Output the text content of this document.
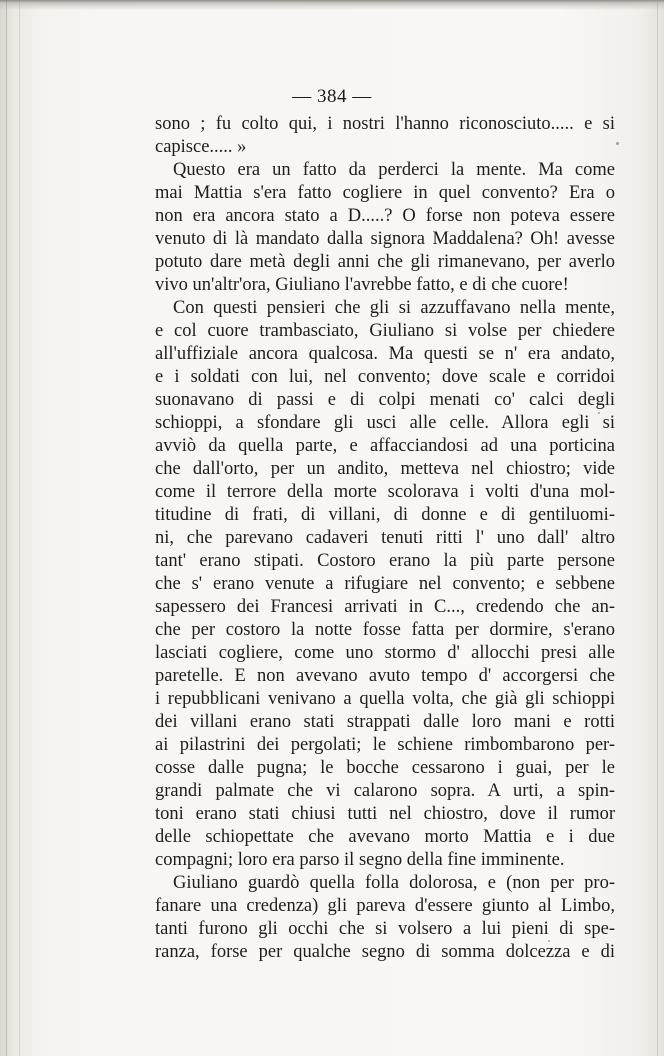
— 384 —
sono ; fu colto qui, i nostri l'hanno riconosciuto..... e si
capisce..... »
Questo era un fatto da perderci la mente. Ma come
mai Mattia s'era fatto cogliere in quel convento? Era o
non era ancora stato a D.....? O forse non poteva essere
venuto di là mandato dalla signora Maddalena? Oh! avesse
potuto dare metà degli anni che gli rimanevano, per averlo
vivo un'altr'ora, Giuliano l'avrebbe fatto, e di che cuore!
Con questi pensieri che gli si azzuffavano nella mente,
e col cuore trambasciato, Giuliano si volse per chiedere
all'uffiziale ancora qualcosa. Ma questi se n' era andato,
e i soldati con lui, nel convento; dove scale e corridoi
suonavano di passi e di colpi menati co' calci degli
schioppi, a sfondare gli usci alle celle. Allora egli si
avviò da quella parte, e affacciandosi ad una porticina
che dall'orto, per un andito, metteva nel chiostro; vide
come il terrore della morte scolorava i volti d'una mol-
titudine di frati, di villani, di donne e di gentiluomi-
ni, che parevano cadaveri tenuti ritti l' uno dall' altro
tant' erano stipati. Costoro erano la più parte persone
che s' erano venute a rifugiare nel convento; e sebbene
sapessero dei Francesi arrivati in C..., credendo che an-
che per costoro la notte fosse fatta per dormire, s'erano
lasciati cogliere, come uno stormo d' allocchi presi alle
paretelle. E non avevano avuto tempo d' accorgersi che
i repubblicani venivano a quella volta, che già gli schioppi
dei villani erano stati strappati dalle loro mani e rotti
ai pilastrini dei pergolati; le schiene rimbombarono per-
cosse dalle pugna; le bocche cessarono i guai, per le
grandi palmate che vi calarono sopra. A urti, a spin-
toni erano stati chiusi tutti nel chiostro, dove il rumor
delle schiopettate che avevano morto Mattia e i due
compagni; loro era parso il segno della fine imminente.
Giuliano guardò quella folla dolorosa, e (non per pro-
fanare una credenza) gli pareva d'essere giunto al Limbo,
tanti furono gli occhi che si volsero a lui pieni di spe-
ranza, forse per qualche segno di somma dolcezza e di
